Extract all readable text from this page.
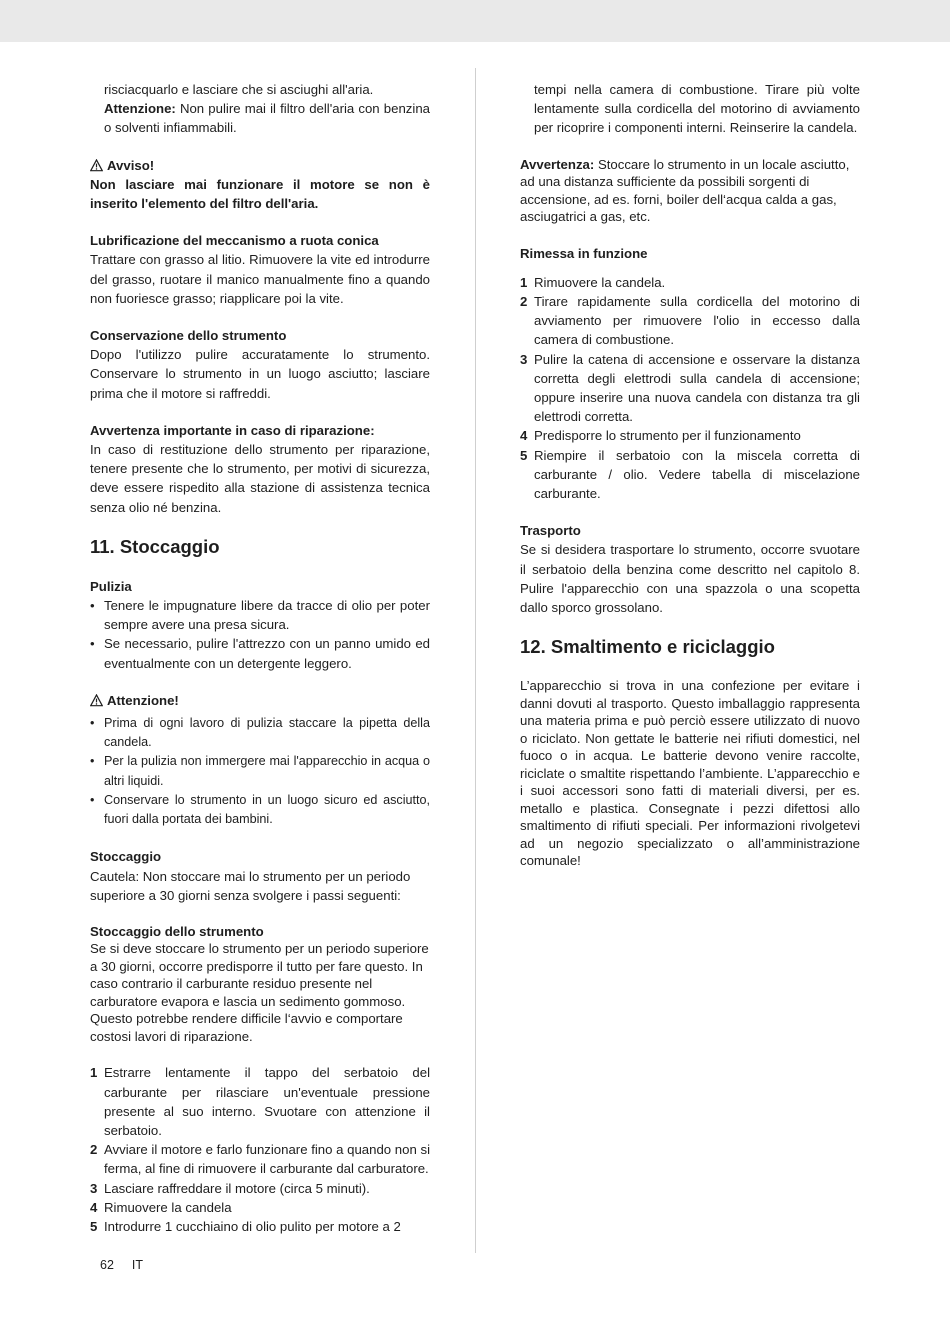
risciacquarlo e lasciare che si asciughi all'aria.

Attenzione: Non pulire mai il filtro dell'aria con benzina o solventi infiammabili.

Avviso!

Non lasciare mai funzionare il motore se non è inserito l'elemento del filtro dell'aria.

Lubrificazione del meccanismo a ruota conica

Trattare con grasso al litio. Rimuovere la vite ed introdurre del grasso, ruotare il manico manualmente fino a quando non fuoriesce grasso; riapplicare poi la vite.

Conservazione dello strumento

Dopo l'utilizzo pulire accuratamente lo strumento. Conservare lo strumento in un luogo asciutto; lasciare prima che il motore si raffreddi.

Avvertenza importante in caso di riparazione:

In caso di restituzione dello strumento per riparazione, tenere presente che lo strumento, per motivi di sicurezza, deve essere rispedito alla stazione di assistenza tecnica senza olio né benzina.

11. Stoccaggio

Pulizia

• Tenere le impugnature libere da tracce di olio per poter sempre avere una presa sicura.
• Se necessario, pulire l'attrezzo con un panno umido ed eventualmente con un detergente leggero.
Attenzione!
• Prima di ogni lavoro di pulizia staccare la pipetta della candela.
• Per la pulizia non immergere mai l'apparecchio in acqua o altri liquidi.
• Conservare lo strumento in un luogo sicuro ed asciutto, fuori dalla portata dei bambini.

Stoccaggio

Cautela: Non stoccare mai lo strumento per un periodo superiore a 30 giorni senza svolgere i passi seguenti:

Stoccaggio dello strumento

Se si deve stoccare lo strumento per un periodo superiore a 30 giorni, occorre predisporre il tutto per fare questo. In caso contrario il carburante residuo presente nel carburatore evapora e lascia un sedimento gommoso. Questo potrebbe rendere difficile l‘avvio e comportare costosi lavori di riparazione.

1 Estrarre lentamente il tappo del serbatoio del carburante per rilasciare un'eventuale pressione presente al suo interno. Svuotare con attenzione il serbatoio.
2 Avviare il motore e farlo funzionare fino a quando non si ferma, al fine di rimuovere il carburante dal carburatore.
3 Lasciare raffreddare il motore (circa 5 minuti).
4 Rimuovere la candela
5 Introdurre 1 cucchiaino di olio pulito per motore a 2

tempi nella camera di combustione. Tirare più volte lentamente sulla cordicella del motorino di avviamento per ricoprire i componenti interni. Reinserire la candela.

Avvertenza: Stoccare lo strumento in un locale asciutto, ad una distanza sufficiente da possibili sorgenti di accensione, ad es. forni, boiler dell‘acqua calda a gas, asciugatrici a gas, etc.

Rimessa in funzione

1 Rimuovere la candela.
2 Tirare rapidamente sulla cordicella del motorino di avviamento per rimuovere l'olio in eccesso dalla camera di combustione.
3 Pulire la catena di accensione e osservare la distanza corretta degli elettrodi sulla candela di accensione; oppure inserire una nuova candela con distanza tra gli elettrodi corretta.
4 Predisporre lo strumento per il funzionamento
5 Riempire il serbatoio con la miscela corretta di carburante / olio. Vedere tabella di miscelazione carburante.

Trasporto

Se si desidera trasportare lo strumento, occorre svuotare il serbatoio della benzina come descritto nel capitolo 8. Pulire l'apparecchio con una spazzola o una scopetta dallo sporco grossolano.

12. Smaltimento e riciclaggio

L’apparecchio si trova in una confezione per evitare i danni dovuti al trasporto. Questo imballaggio rappresenta una materia prima e può perciò essere utilizzato di nuovo o riciclato. Non gettate le batterie nei rifiuti domestici, nel fuoco o in acqua. Le batterie devono venire raccolte, riciclate o smaltite rispettando l’ambiente. L’apparecchio e i suoi accessori sono fatti di materiali diversi, per es. metallo e plastica. Consegnate i pezzi difettosi allo smaltimento di rifiuti speciali. Per informazioni rivolgetevi ad un negozio specializzato o all’amministrazione comunale!

62 IT
